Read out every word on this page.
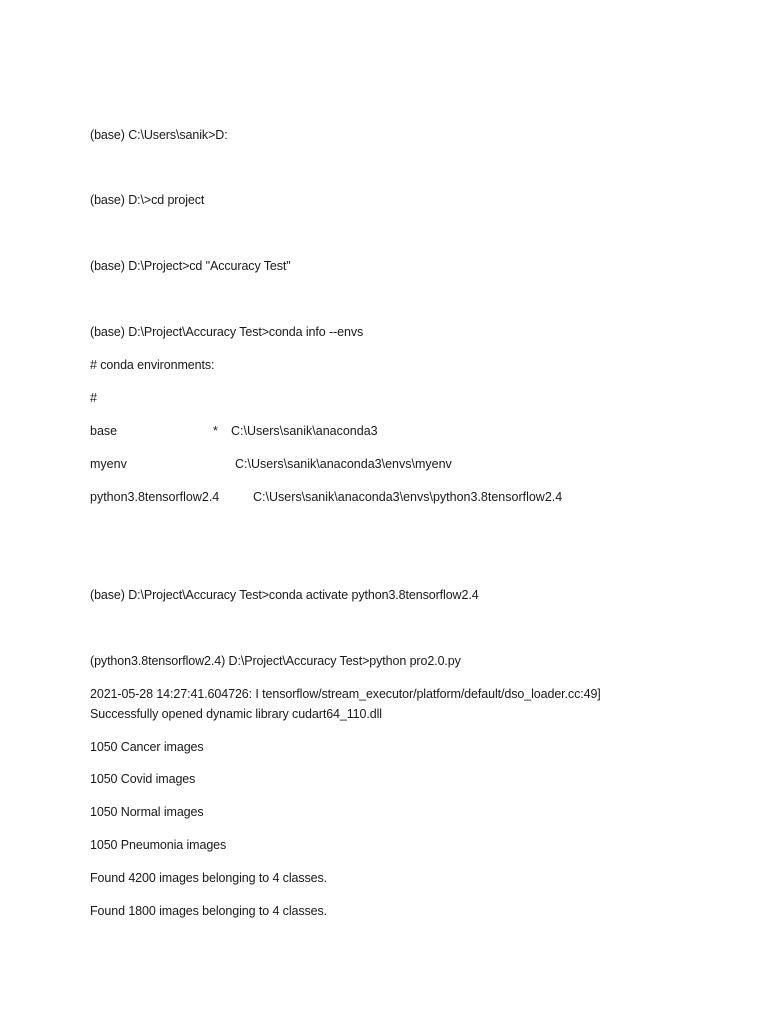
(base) C:\Users\sanik>D:
(base) D:\>cd project
(base) D:\Project>cd "Accuracy Test"
(base) D:\Project\Accuracy Test>conda info --envs
# conda environments:
#
base	* C:\Users\sanik\anaconda3
myenv	C:\Users\sanik\anaconda3\envs\myenv
python3.8tensorflow2.4	C:\Users\sanik\anaconda3\envs\python3.8tensorflow2.4
(base) D:\Project\Accuracy Test>conda activate python3.8tensorflow2.4
(python3.8tensorflow2.4) D:\Project\Accuracy Test>python pro2.0.py
2021-05-28 14:27:41.604726: I tensorflow/stream_executor/platform/default/dso_loader.cc:49]
Successfully opened dynamic library cudart64_110.dll
1050 Cancer images
1050 Covid images
1050 Normal images
1050 Pneumonia images
Found 4200 images belonging to 4 classes.
Found 1800 images belonging to 4 classes.
